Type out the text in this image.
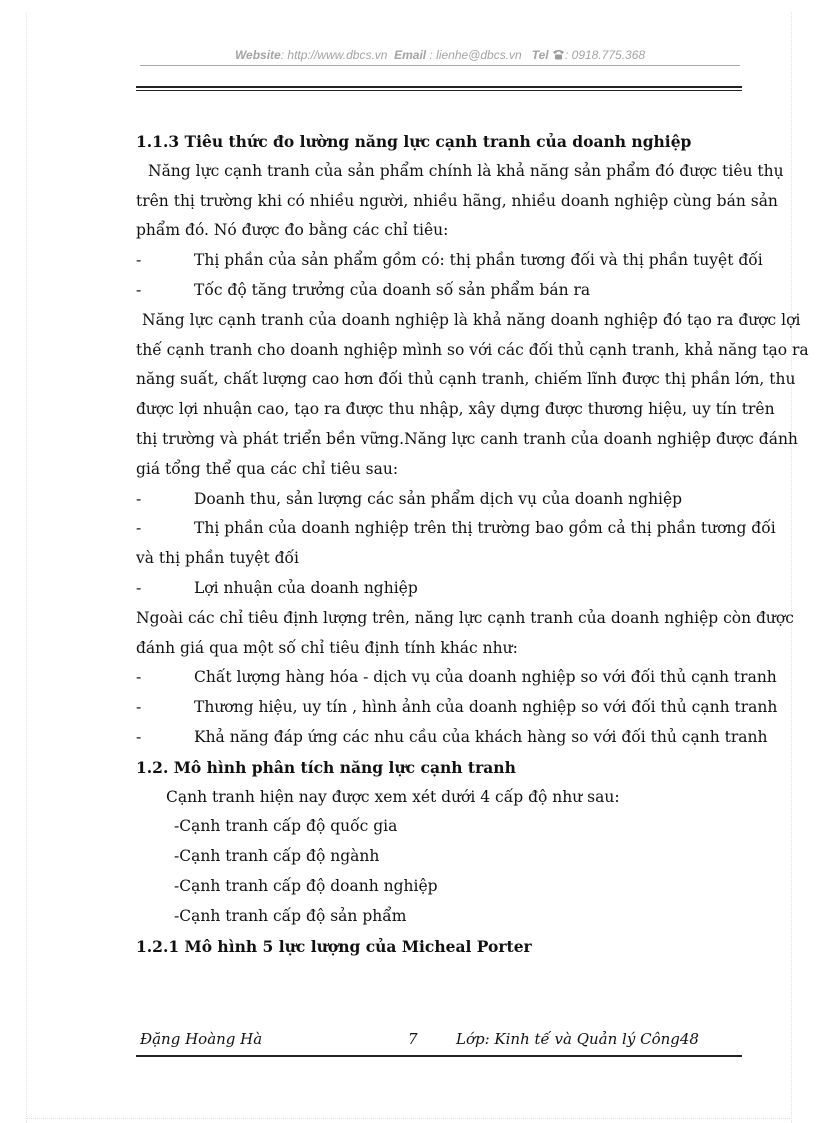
Website: http://www.dbcs.vn Email : lienhe@dbcs.vn Tel : 0918.775.368
1.1.3 Tiêu thức đo lường năng lực cạnh tranh của doanh nghiệp
Năng lực cạnh tranh của sản phẩm chính là khả năng sản phẩm đó được tiêu thụ
trên thị trường khi có nhiều người, nhiều hãng, nhiều doanh nghiệp cùng bán sản
phẩm đó. Nó được đo bằng các chỉ tiêu:
-	Thị phần của sản phẩm gồm có: thị phần tương đối và thị phần tuyệt đối
-	Tốc độ tăng trưởng của doanh số sản phẩm bán ra
Năng lực cạnh tranh của doanh nghiệp là khả năng doanh nghiệp đó tạo ra được lợi
thế cạnh tranh cho doanh nghiệp mình so với các đối thủ cạnh tranh, khả năng tạo ra
năng suất, chất lượng cao hơn đối thủ cạnh tranh, chiếm lĩnh được thị phần lớn, thu
được lợi nhuận cao, tạo ra được thu nhập, xây dựng được thương hiệu, uy tín trên
thị trường và phát triển bền vững.Năng lực canh tranh của doanh nghiệp được đánh
giá tổng thể qua các chỉ tiêu sau:
-	Doanh thu, sản lượng các sản phẩm dịch vụ của doanh nghiệp
-	Thị phần của doanh nghiệp trên thị trường bao gồm cả thị phần tương đối
và thị phần tuyệt đối
-	Lợi nhuận của doanh nghiệp
Ngoài các chỉ tiêu định lượng trên, năng lực cạnh tranh của doanh nghiệp còn được
đánh giá qua một số chỉ tiêu định tính khác như:
-	Chất lượng hàng hóa - dịch vụ của doanh nghiệp so với đối thủ cạnh tranh
-	Thương hiệu, uy tín , hình ảnh của doanh nghiệp so với đối thủ cạnh tranh
-	Khả năng đáp ứng các nhu cầu của khách hàng so với đối thủ cạnh tranh
1.2. Mô hình phân tích năng lực cạnh tranh
Cạnh tranh hiện nay được xem xét dưới 4 cấp độ như sau:
-Cạnh tranh cấp độ quốc gia
-Cạnh tranh cấp độ ngành
-Cạnh tranh cấp độ doanh nghiệp
-Cạnh tranh cấp độ sản phẩm
1.2.1 Mô hình 5 lực lượng của Micheal Porter
Đặng Hoàng Hà	7	Lớp: Kinh tế và Quản lý Công48
